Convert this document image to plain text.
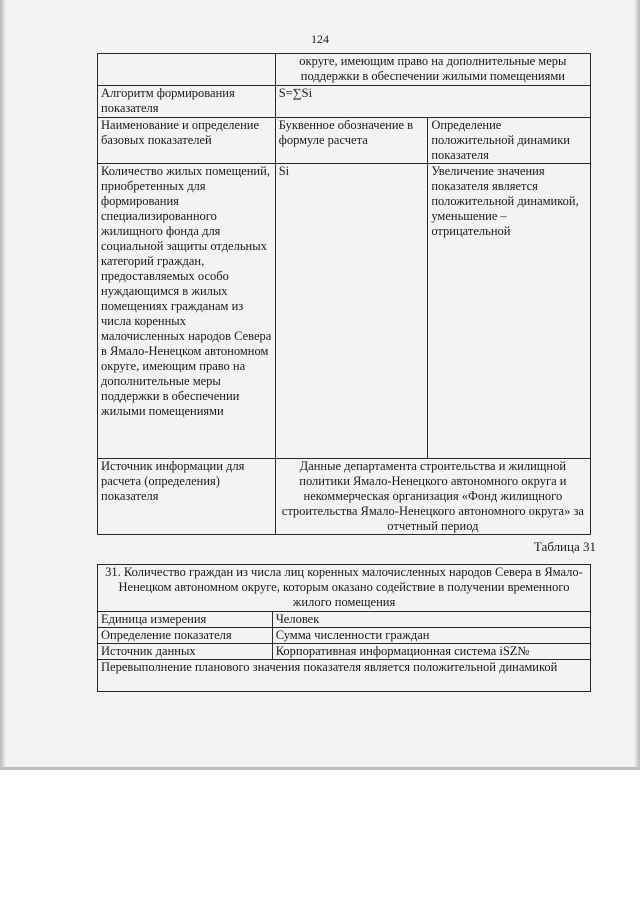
124
	округе, имеющим право на дополнительные меры поддержки в обеспечении жилыми помещениями	
Алгоритм формирования показателя	S=∑Si	
Наименование и определение базовых показателей	Буквенное обозначение в формуле расчета	Определение положительной динамики показателя
Количество жилых помещений, приобретенных для формирования специализированного жилищного фонда для социальной защиты отдельных категорий граждан, предоставляемых особо нуждающимся в жилых помещениях гражданам из числа коренных малочисленных народов Севера в Ямало-Ненецком автономном округе, имеющим право на дополнительные меры поддержки в обеспечении жилыми помещениями	Si	Увеличение значения показателя является положительной динамикой, уменьшение – отрицательной
Источник информации для расчета (определения) показателя	Данные департамента строительства и жилищной политики Ямало-Ненецкого автономного округа и некоммерческая организация «Фонд жилищного строительства Ямало-Ненецкого автономного округа» за отчетный период	
Таблица 31
31. Количество граждан из числа лиц коренных малочисленных народов Севера в Ямало-Ненецком автономном округе, которым оказано содействие в получении временного жилого помещения	
Единица измерения	Человек
Определение показателя	Сумма численности граждан
Источник данных	Корпоративная информационная система iSZ№
Перевыполнение планового значения показателя является положительной динамикой	
